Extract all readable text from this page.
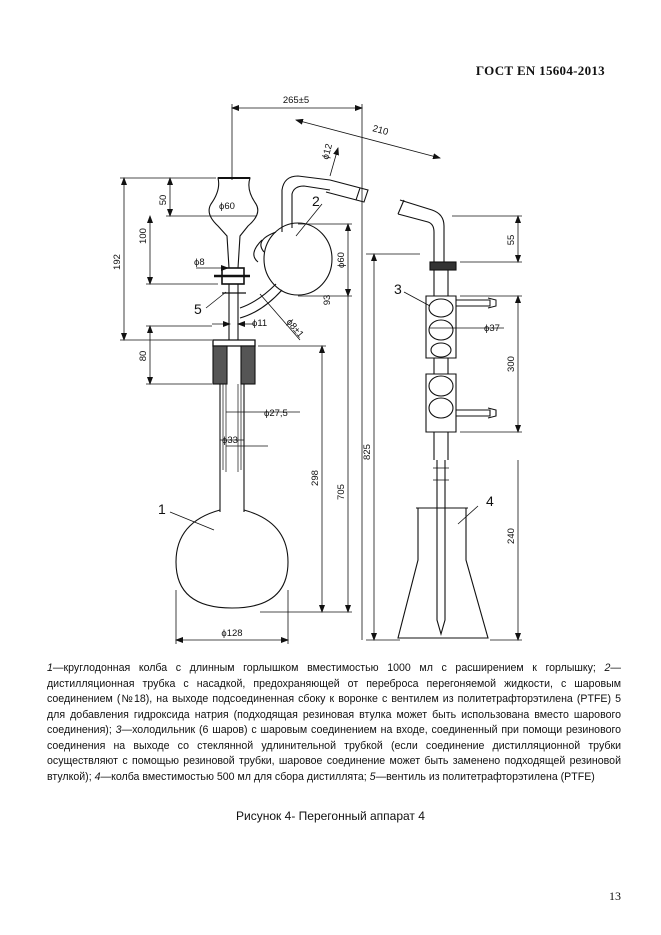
ГОСТ EN 15604-2013
265±5
210
ϕ12
ϕ60
50
100
192	ϕ60
ϕ8
93
ϕ11 ϕ8±1
80
ϕ27,5
ϕ33
298
705
825
ϕ128
55
ϕ37
300
240
1
2
3
4
5
1—круглодонная колба с длинным горлышком вместимостью 1000 мл с расширением к горлышку; 2—дистилляционная трубка с насадкой, предохраняющей от переброса перегоняемой жидкости, с шаровым соединением (№18), на выходе подсоединенная сбоку к воронке с вентилем из политетрафторэтилена (PTFE) 5 для добавления гидроксида натрия (подходящая резиновая втулка может быть использована вместо шарового соединения); 3—холодильник (6 шаров) с шаровым соединением на входе, соединенный при помощи резинового соединения на выходе со стеклянной удлинительной трубкой (если соединение дистилляционной трубки осуществляют с помощью резиновой трубки, шаровое соединение может быть заменено подходящей резиновой втулкой); 4—колба вместимостью 500 мл для сбора дистиллята; 5—вентиль из политетрафторэтилена (PTFE)
Рисунок 4- Перегонный аппарат 4
13
